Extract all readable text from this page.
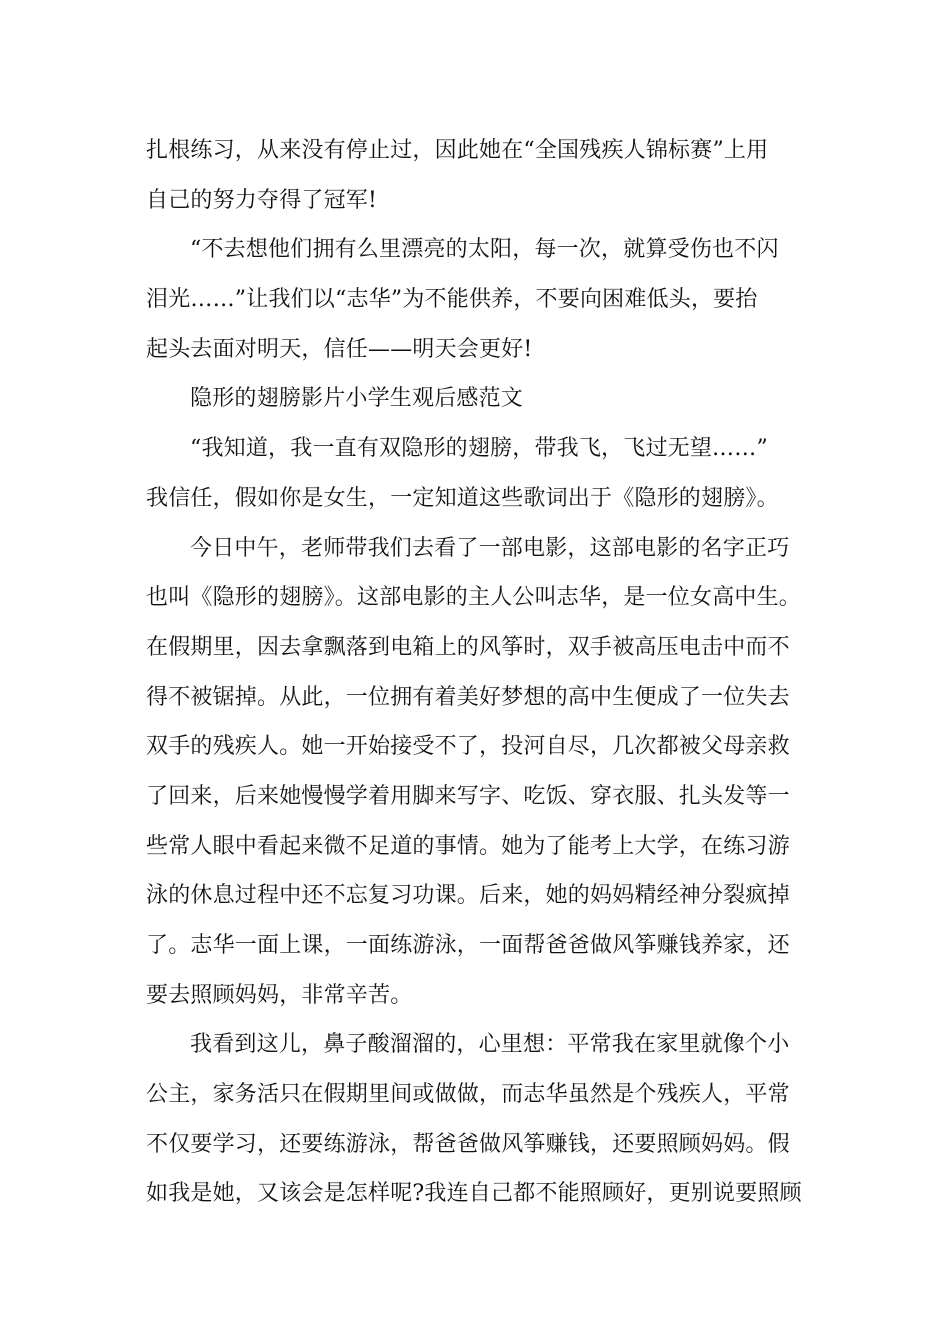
扎根练习，从来没有停止过，因此她在“全国残疾人锦标赛”上用
自己的努力夺得了冠军!
“不去想他们拥有么里漂亮的太阳，每一次，就算受伤也不闪
泪光……”让我们以“志华”为不能供养，不要向困难低头，要抬
起头去面对明天，信任——明天会更好!
隐形的翅膀影片小学生观后感范文
“我知道，我一直有双隐形的翅膀，带我飞，飞过无望……”
我信任，假如你是女生，一定知道这些歌词出于《隐形的翅膀》。
今日中午，老师带我们去看了一部电影，这部电影的名字正巧
也叫《隐形的翅膀》。这部电影的主人公叫志华，是一位女高中生。
在假期里，因去拿飘落到电箱上的风筝时，双手被高压电击中而不
得不被锯掉。从此，一位拥有着美好梦想的高中生便成了一位失去
双手的残疾人。她一开始接受不了，投河自尽，几次都被父母亲救
了回来，后来她慢慢学着用脚来写字、吃饭、穿衣服、扎头发等一
些常人眼中看起来微不足道的事情。她为了能考上大学，在练习游
泳的休息过程中还不忘复习功课。后来，她的妈妈精经神分裂疯掉
了。志华一面上课，一面练游泳，一面帮爸爸做风筝赚钱养家，还
要去照顾妈妈，非常辛苦。
我看到这儿，鼻子酸溜溜的，心里想：平常我在家里就像个小
公主，家务活只在假期里间或做做，而志华虽然是个残疾人，平常
不仅要学习，还要练游泳，帮爸爸做风筝赚钱，还要照顾妈妈。假
如我是她，又该会是怎样呢?我连自己都不能照顾好，更别说要照顾
